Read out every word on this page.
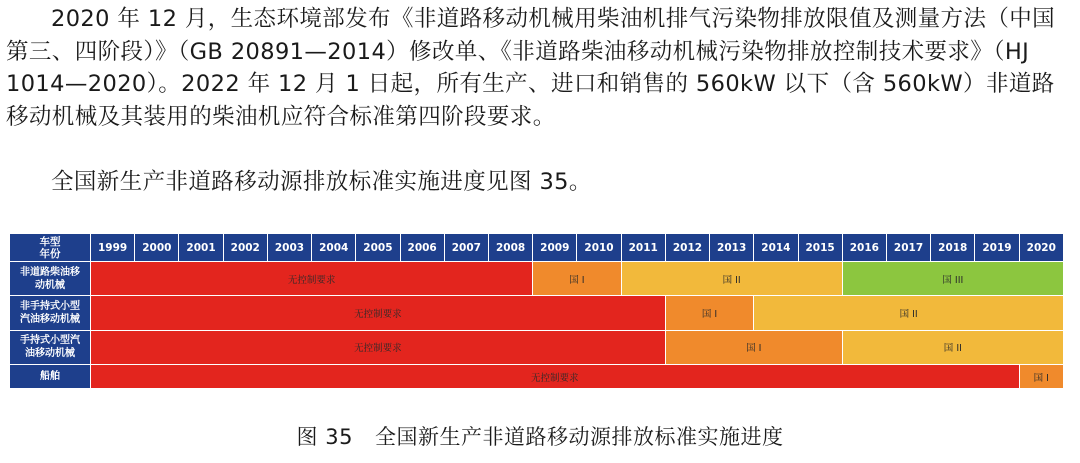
2020 年 12 月，生态环境部发布《非道路移动机械用柴油机排气污染物排放限值及测量方法（中国第三、四阶段）》（GB 20891—2014）修改单、《非道路柴油移动机械污染物排放控制技术要求》（HJ 1014—2020）。2022 年 12 月 1 日起，所有生产、进口和销售的 560kW 以下（含 560kW）非道路移动机械及其装用的柴油机应符合标准第四阶段要求。

全国新生产非道路移动源排放标准实施进度见图 35。

车型
年份	1999	2000	2001	2002	2003	2004	2005	2006	2007	2008	2009	2010	2011	2012	2013	2014	2015	2016	2017	2018	2019	2020
非道路柴油移
动机械	无控制要求										国 I		国 II					国 III				
非手持式小型
汽油移动机械	无控制要求													国 I		国 II						
手持式小型汽
油移动机械	无控制要求													国 I				国 II				
船舶	无控制要求																					国 I
图 35 全国新生产非道路移动源排放标准实施进度
